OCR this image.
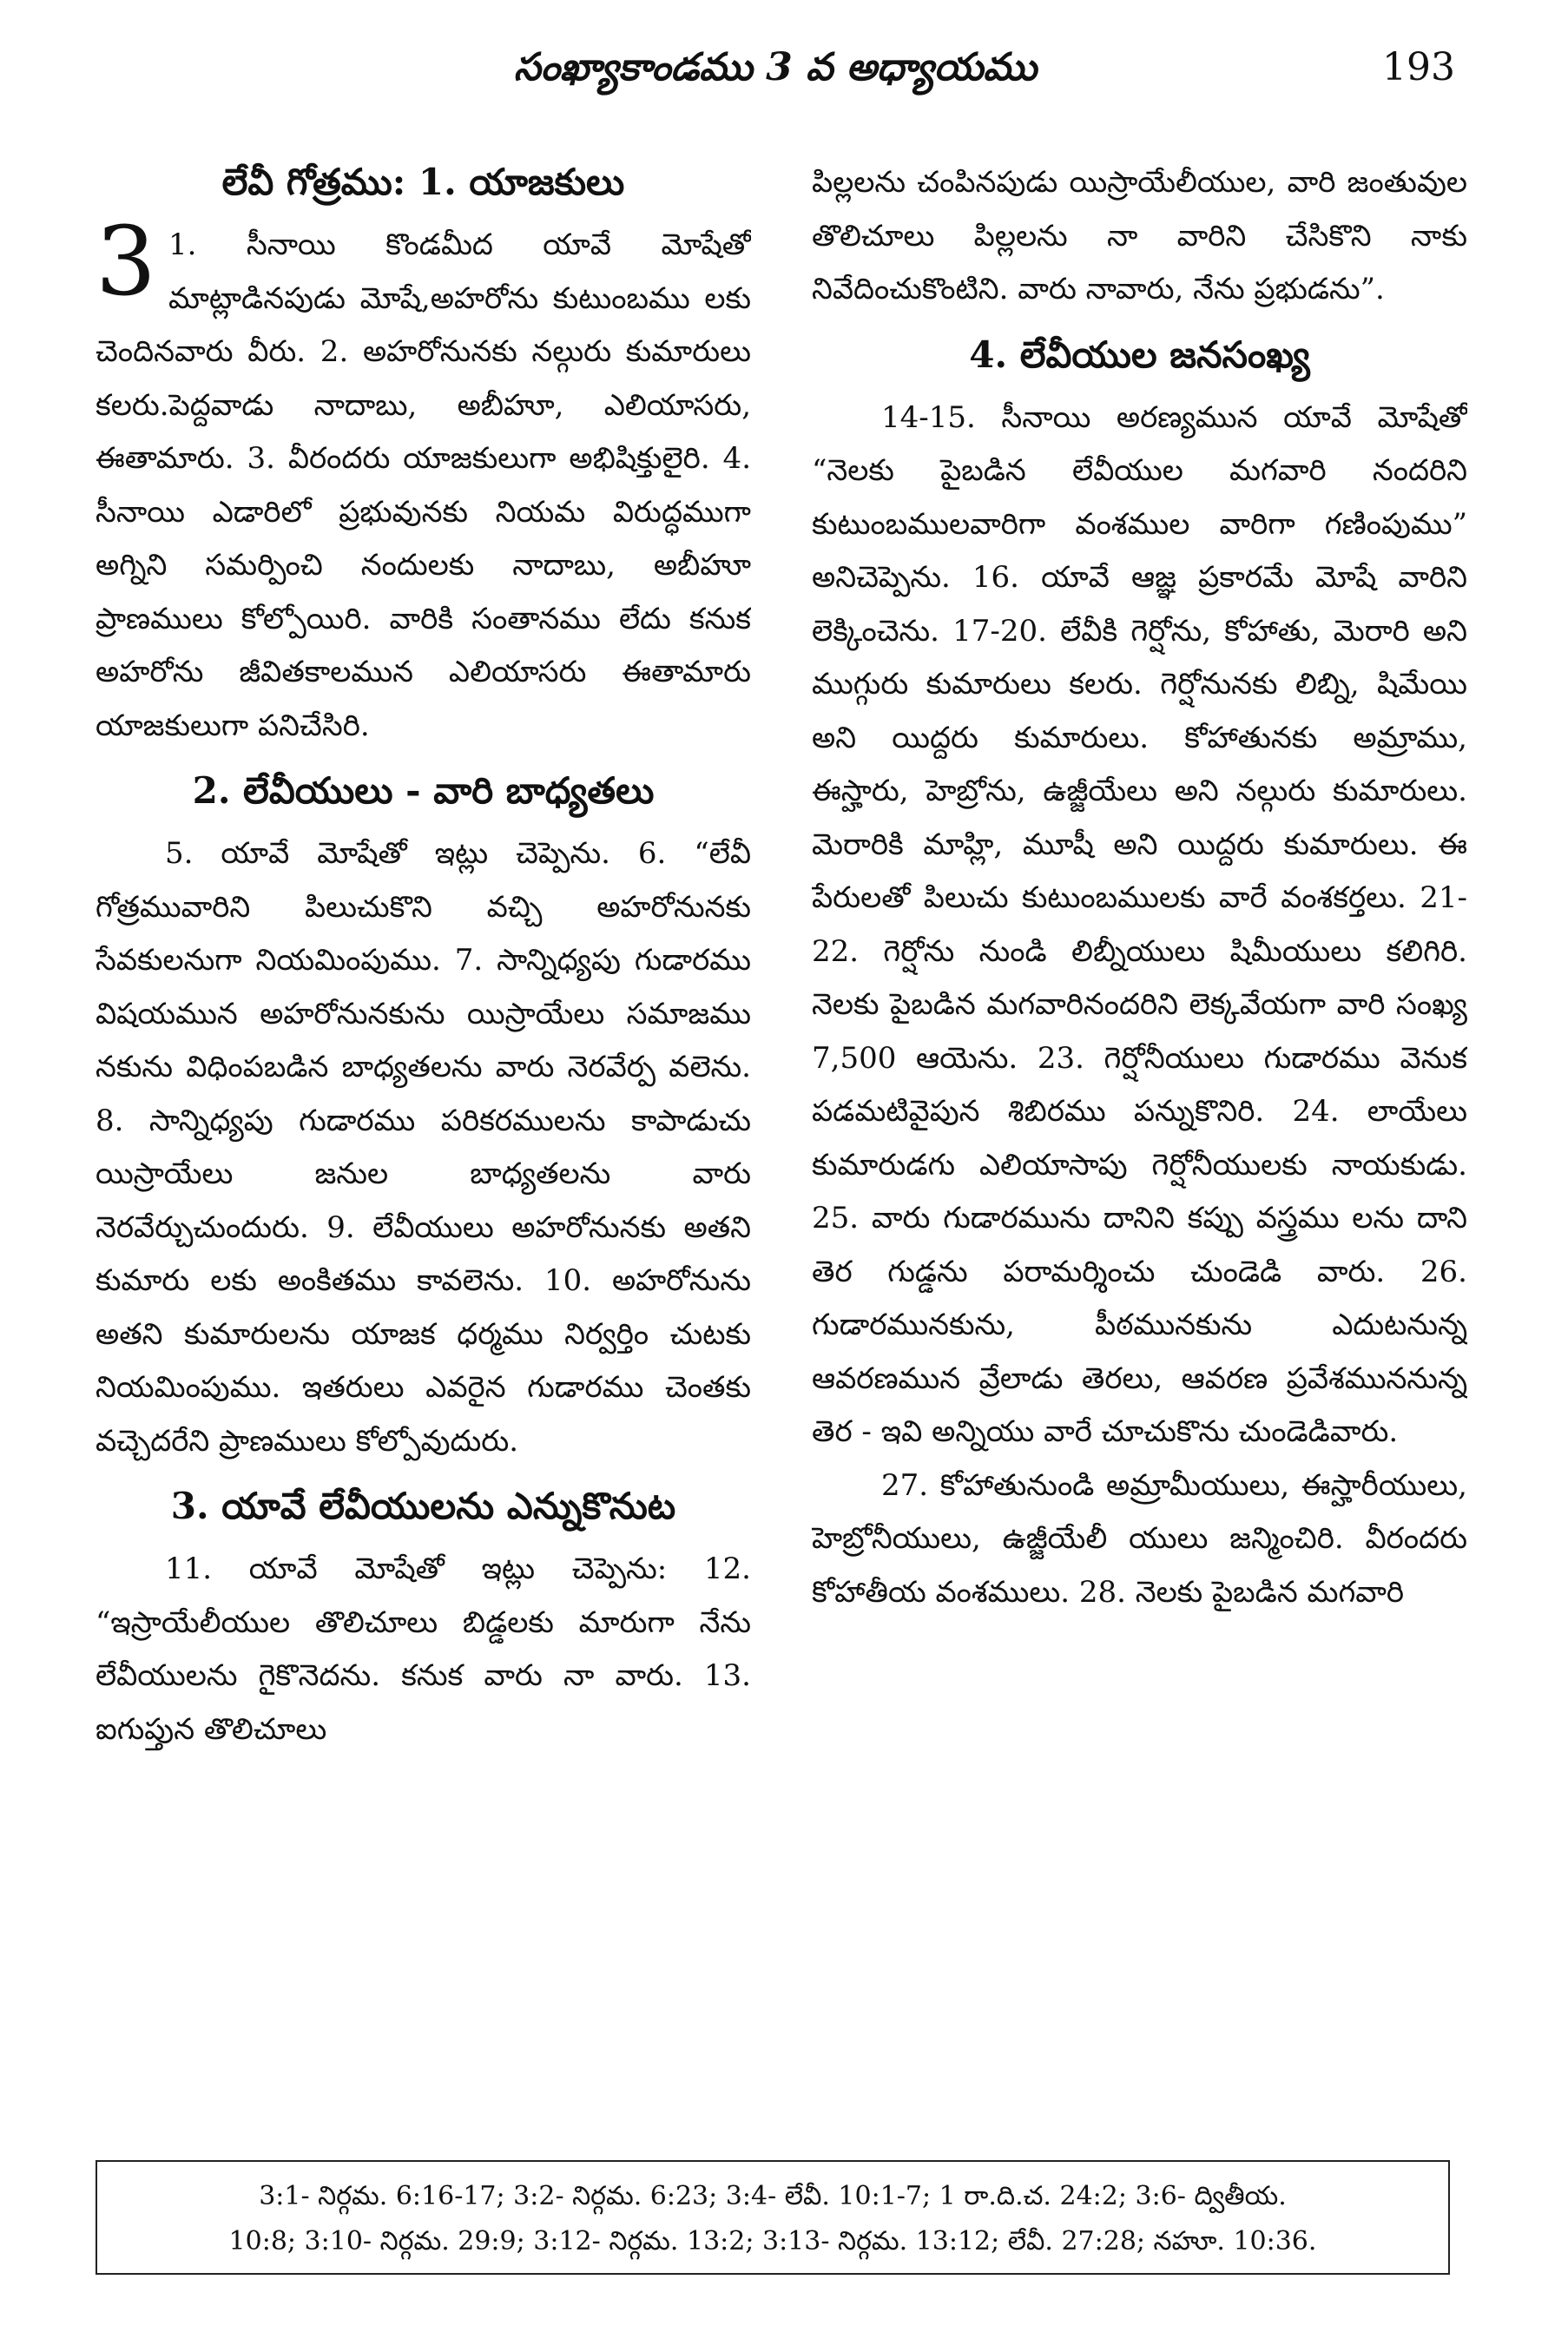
సంఖ్యాకాండము 3 వ అధ్యాయము	193
లేవీ గోత్రము: 1. యాజకులు

31. సీనాయి కొండమీద యావే మోషేతో మాట్లాడినపుడు మోషే,అహరోను కుటుంబము లకు చెందినవారు వీరు. 2. అహరోనునకు నల్గురు కుమారులు కలరు.పెద్దవాడు నాదాబు, అబీహూ, ఎలియాసరు, ఈతామారు. 3. వీరందరు యాజకులుగా అభిషిక్తులైరి. 4. సీనాయి ఎడారిలో ప్రభువునకు నియమ విరుద్ధముగా అగ్నిని సమర్పించి నందులకు నాదాబు, అబీహూ ప్రాణములు కోల్పోయిరి. వారికి సంతానము లేదు కనుక అహరోను జీవితకాలమున ఎలియాసరు ఈతామారు యాజకులుగా పనిచేసిరి.

2. లేవీయులు - వారి బాధ్యతలు

5. యావే మోషేతో ఇట్లు చెప్పెను. 6. “లేవీ గోత్రమువారిని పిలుచుకొని వచ్చి అహరోనునకు సేవకులనుగా నియమింపుము. 7. సాన్నిధ్యపు గుడారము విషయమున అహరోనునకును యిస్రాయేలు సమాజము నకును విధింపబడిన బాధ్యతలను వారు నెరవేర్ప వలెను. 8. సాన్నిధ్యపు గుడారము పరికరములను కాపాడుచు యిస్రాయేలు జనుల బాధ్యతలను వారు నెరవేర్చుచుందురు. 9. లేవీయులు అహరోనునకు అతని కుమారు లకు అంకితము కావలెను. 10. అహరోనును అతని కుమారులను యాజక ధర్మము నిర్వర్తిం చుటకు నియమింపుము. ఇతరులు ఎవరైన గుడారము చెంతకు వచ్చెదరేని ప్రాణములు కోల్పోవుదురు.

3. యావే లేవీయులను ఎన్నుకొనుట

11. యావే మోషేతో ఇట్లు చెప్పెను: 12. “ఇస్రాయేలీయుల తొలిచూలు బిడ్డలకు మారుగా నేను లేవీయులను గైకొనెదను. కనుక వారు నా వారు. 13. ఐగుప్తున తొలిచూలు

పిల్లలను చంపినపుడు యిస్రాయేలీయుల, వారి జంతువుల తొలిచూలు పిల్లలను నా వారిని చేసికొని నాకు నివేదించుకొంటిని. వారు నావారు, నేను ప్రభుడను”.

4. లేవీయుల జనసంఖ్య

14-15. సీనాయి అరణ్యమున యావే మోషేతో “నెలకు పైబడిన లేవీయుల మగవారి నందరిని కుటుంబములవారిగా వంశముల వారిగా గణింపుము” అనిచెప్పెను. 16. యావే ఆజ్ఞ ప్రకారమే మోషే వారిని లెక్కించెను. 17-20. లేవీకి గెర్షోను, కోహాతు, మెరారి అని ముగ్గురు కుమారులు కలరు. గెర్షోనునకు లిబ్ని, షిమేయి అని యిద్దరు కుమారులు. కోహాతునకు అమ్రాము, ఈస్హారు, హెబ్రోను, ఉజ్జీయేలు అని నల్గురు కుమారులు. మెరారికి మాహ్లి, మూషీ అని యిద్దరు కుమారులు. ఈ పేరులతో పిలుచు కుటుంబములకు వారే వంశకర్తలు. 21-22. గెర్షోను నుండి లిబ్నీయులు షిమీయులు కలిగిరి. నెలకు పైబడిన మగవారినందరిని లెక్కవేయగా వారి సంఖ్య 7,500 ఆయెను. 23. గెర్షోనీయులు గుడారము వెనుక పడమటివైపున శిబిరము పన్నుకొనిరి. 24. లాయేలు కుమారుడగు ఎలియాసాపు గెర్షోనీయులకు నాయకుడు. 25. వారు గుడారమును దానిని కప్పు వస్త్రము లను దాని తెర గుడ్డను పరామర్శించు చుండెడి వారు. 26. గుడారమునకును, పీఠమునకును ఎదుటనున్న ఆవరణమున వ్రేలాడు తెరలు, ఆవరణ ప్రవేశముననున్న తెర - ఇవి అన్నియు వారే చూచుకొను చుండెడివారు.

27. కోహాతునుండి అమ్రామీయులు, ఈస్హారీయులు, హెబ్రోనీయులు, ఉజ్జీయేలీ యులు జన్మించిరి. వీరందరు కోహాతీయ వంశములు. 28. నెలకు పైబడిన మగవారి

3:1- నిర్గమ. 6:16-17; 3:2- నిర్గమ. 6:23; 3:4- లేవీ. 10:1-7; 1 రా.ది.చ. 24:2; 3:6- ద్వితీయ.
10:8; 3:10- నిర్గమ. 29:9; 3:12- నిర్గమ. 13:2; 3:13- నిర్గమ. 13:12; లేవీ. 27:28; నహూ. 10:36.
